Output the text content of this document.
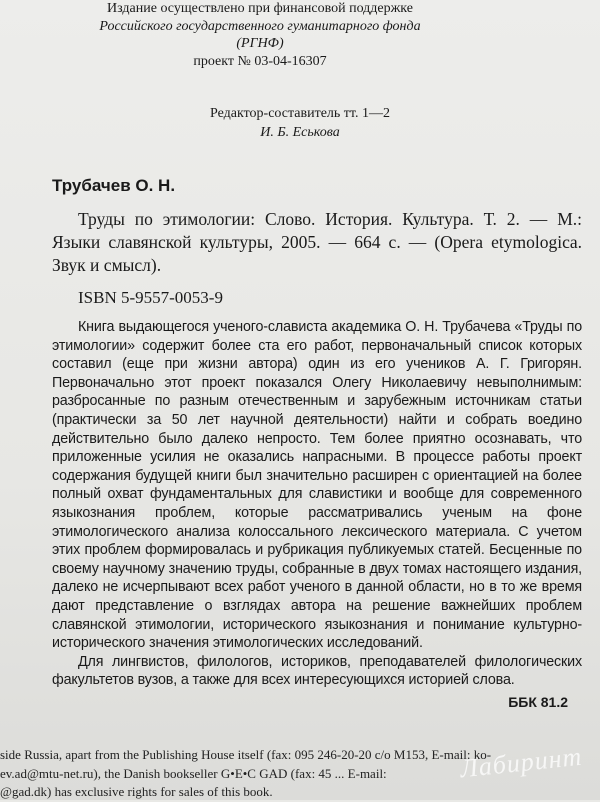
Издание осуществлено при финансовой поддержке
Российского государственного гуманитарного фонда
(РГНФ)
проект № 03-04-16307
Редактор-составитель тт. 1—2
И. Б. Еськова
Трубачев О. Н.
Труды по этимологии: Слово. История. Культура. Т. 2. — М.: Языки славянской культуры, 2005. — 664 с. — (Opera etymologica. Звук и смысл).
ISBN 5-9557-0053-9

Книга выдающегося ученого-слависта академика О. Н. Трубачева «Труды по этимологии» содержит более ста его работ, первоначальный список которых составил (еще при жизни автора) один из его учеников А. Г. Григорян. Первоначально этот проект показался Олегу Николаевичу невыполнимым: разбросанные по разным отечественным и зарубежным источникам статьи (практически за 50 лет научной деятельности) найти и собрать воедино действительно было далеко непросто. Тем более приятно осознавать, что приложенные усилия не оказались напрасными. В процессе работы проект содержания будущей книги был значительно расширен с ориентацией на более полный охват фундаментальных для славистики и вообще для современного языкознания проблем, которые рассматривались ученым на фоне этимологического анализа колоссального лексического материала. С учетом этих проблем формировалась и рубрикация публикуемых статей. Бесценные по своему научному значению труды, собранные в двух томах настоящего издания, далеко не исчерпывают всех работ ученого в данной области, но в то же время дают представление о взглядах автора на решение важнейших проблем славянской этимологии, исторического языкознания и понимание культурно-исторического значения этимологических исследований.

Для лингвистов, филологов, историков, преподавателей филологических факультетов вузов, а также для всех интересующихся историей слова.

ББК 81.2
side Russia, apart from the Publishing House itself (fax: 095 246-20-20 c/o M153, E-mail: ko-
ev.ad@mtu-net.ru), the Danish bookseller G•E•C GAD (fax: 45 ... E-mail:
@gad.dk) has exclusive rights for sales of this book.
Лабиринт
